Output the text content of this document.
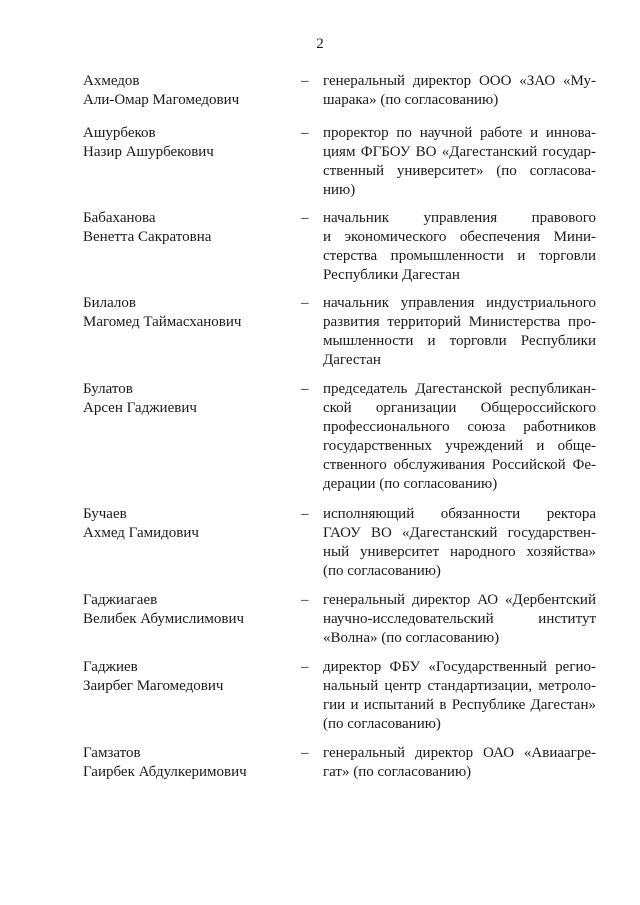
2
Ахмедов
Али-Омар Магомедович
– генеральный директор ООО «ЗАО «Му-
шарака» (по согласованию)
Ашурбеков
Назир Ашурбекович
– проректор по научной работе и иннова-
циям ФГБОУ ВО «Дагестанский государ-
ственный университет» (по согласова-
нию)
Бабаханова
Венетта Сакратовна
– начальник управления правового
и экономического обеспечения Мини-
стерства промышленности и торговли
Республики Дагестан
Билалов
Магомед Таймасханович
– начальник управления индустриального
развития территорий Министерства про-
мышленности и торговли Республики
Дагестан
Булатов
Арсен Гаджиевич
– председатель Дагестанской республикан-
ской организации Общероссийского
профессионального союза работников
государственных учреждений и обще-
ственного обслуживания Российской Фе-
дерации (по согласованию)
Бучаев
Ахмед Гамидович
– исполняющий обязанности ректора
ГАОУ ВО «Дагестанский государствен-
ный университет народного хозяйства»
(по согласованию)
Гаджиагаев
Велибек Абумислимович
– генеральный директор АО «Дербентский
научно-исследовательский институт
«Волна» (по согласованию)
Гаджиев
Заирбег Магомедович
– директор ФБУ «Государственный регио-
нальный центр стандартизации, метроло-
гии и испытаний в Республике Дагестан»
(по согласованию)
Гамзатов
Гаирбек Абдулкеримович
– генеральный директор ОАО «Авиаагре-
гат» (по согласованию)
